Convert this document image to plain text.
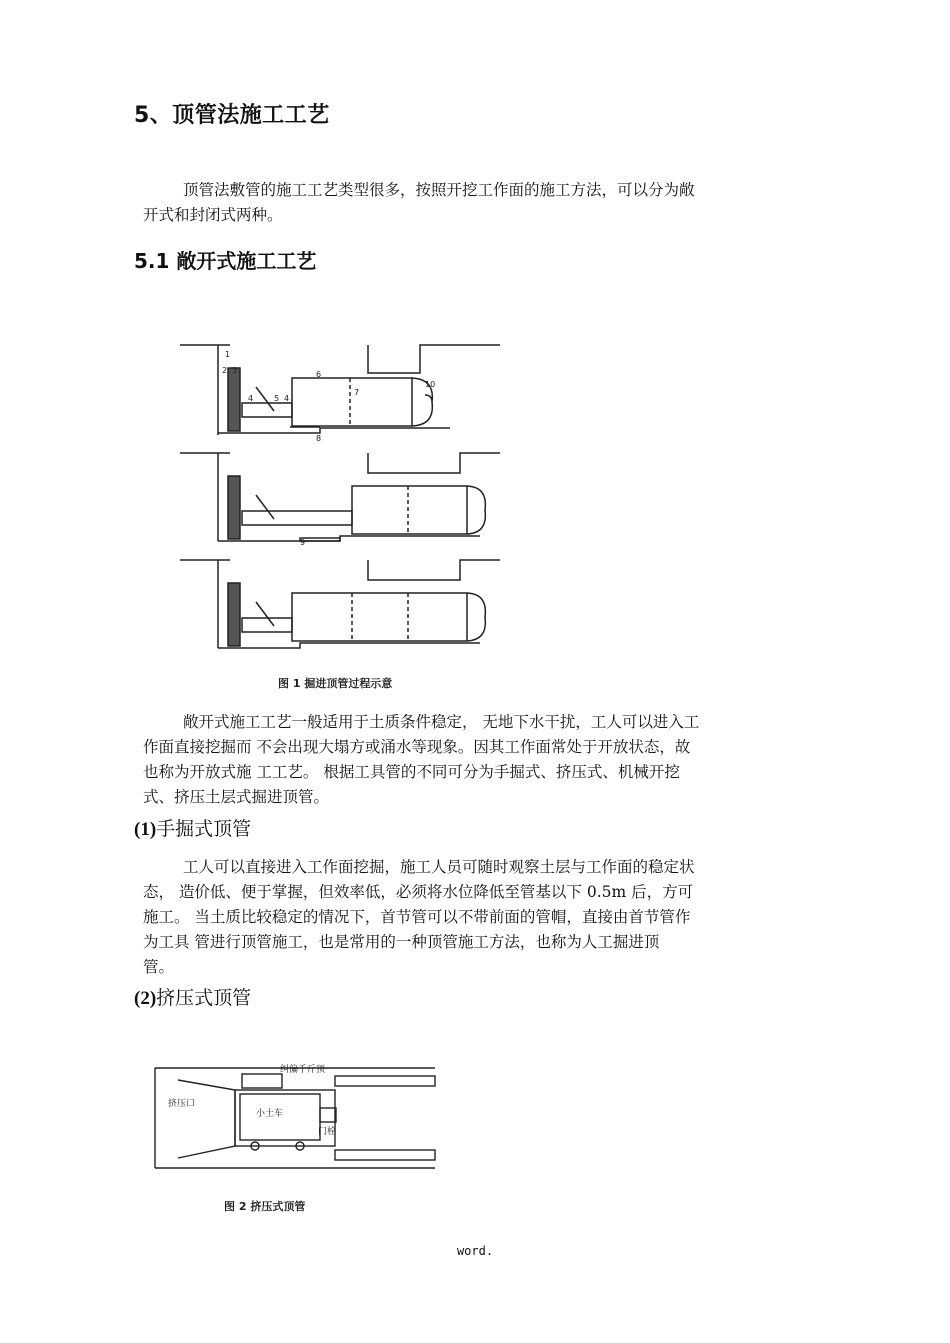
5、顶管法施工工艺
顶管法敷管的施工工艺类型很多，按照开挖工作面的施工方法，可以分为敞
开式和封闭式两种。
5.1 敞开式施工工艺
1
2 3
4	5 4
6
7
8
9
10
图 1 掘进顶管过程示意
敞开式施工工艺一般适用于土质条件稳定， 无地下水干扰，工人可以进入工
作面直接挖掘而 不会出现大塌方或涌水等现象。因其工作面常处于开放状态，故
也称为开放式施 工工艺。 根据工具管的不同可分为手掘式、挤压式、机械开挖
式、挤压土层式掘进顶管。
(1)手掘式顶管
工人可以直接进入工作面挖掘，施工人员可随时观察土层与工作面的稳定状
态， 造价低、便于掌握，但效率低，必须将水位降低至管基以下 0.5m 后，方可
施工。 当土质比较稳定的情况下，首节管可以不带前面的管帽，直接由首节管作
为工具 管进行顶管施工，也是常用的一种顶管施工方法，也称为人工掘进顶
管。
(2)挤压式顶管
纠偏千斤顶
挤压口
小土车
门栓
图 2 挤压式顶管
word.
